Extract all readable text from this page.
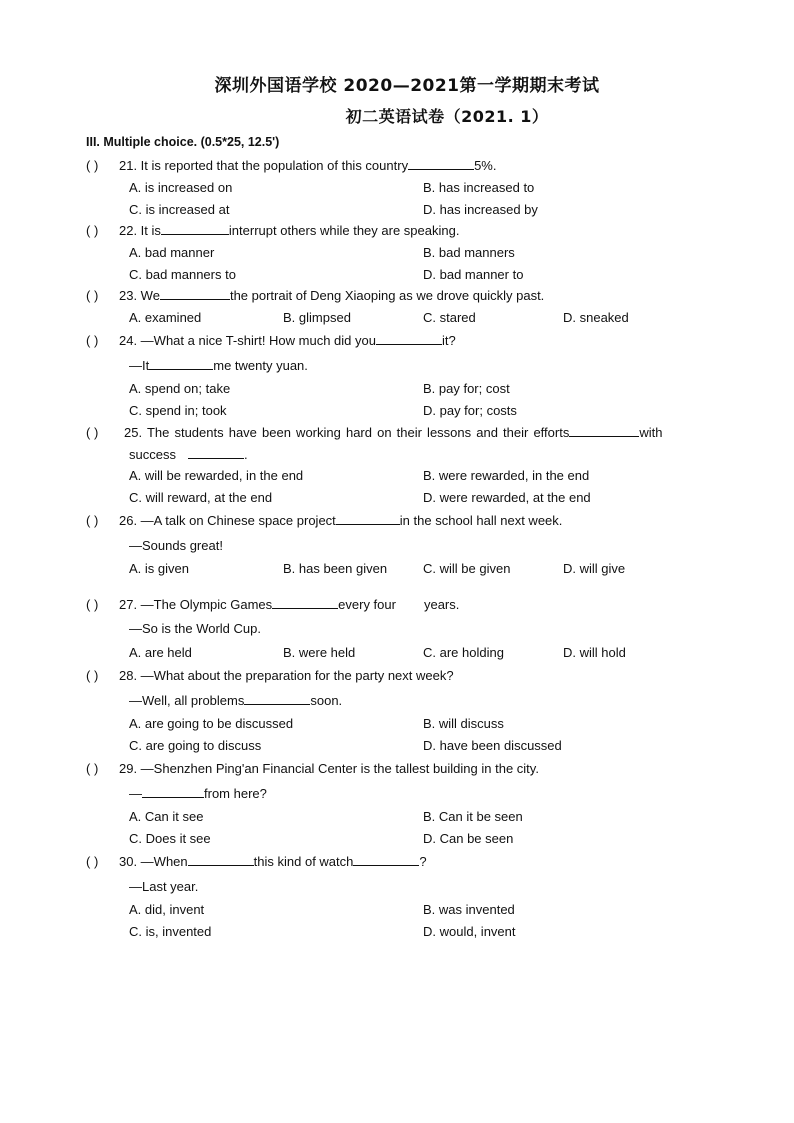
深圳外国语学校 2020—2021第一学期期末考试
初二英语试卷（2021. 1）
III. Multiple choice. (0.5*25, 12.5')
( ) 21. It is reported that the population of this country	5%.
A. is increased on	B. has increased to
C. is increased at	D. has increased by
( ) 22. It is	interrupt others while they are speaking.
A. bad manner	B. bad manners
C. bad manners to	D. bad manner to
( ) 23. We	the portrait of Deng Xiaoping as we drove quickly past.
A. examined	B. glimpsed	C. stared	D. sneaked
( ) 24. —What a nice T-shirt! How much did you	it?
—It	me twenty yuan.
A. spend on; take	B. pay for; cost
C. spend in; took	D. pay for; costs
( ) 25. The students have been working hard on their lessons and their efforts	with
success	.
A. will be rewarded, in the end	B. were rewarded, in the end
C. will reward, at the end	D. were rewarded, at the end
( ) 26. —A talk on Chinese space project	in the school hall next week.
—Sounds great!
A. is given	B. has been given	C. will be given	D. will give
( ) 27. —The Olympic Games	every four years.
—So is the World Cup.
A. are held	B. were held	C. are holding	D. will hold
( ) 28. —What about the preparation for the party next week?
—Well, all problems	soon.
A. are going to be discussed	B. will discuss
C. are going to discuss	D. have been discussed
( ) 29. —Shenzhen Ping'an Financial Center is the tallest building in the city.
—	from here?
A. Can it see	B. Can it be seen
C. Does it see	D. Can be seen
( ) 30. —When	this kind of watch	?
—Last year.
A. did, invent	B. was invented
C. is, invented	D. would, invent
